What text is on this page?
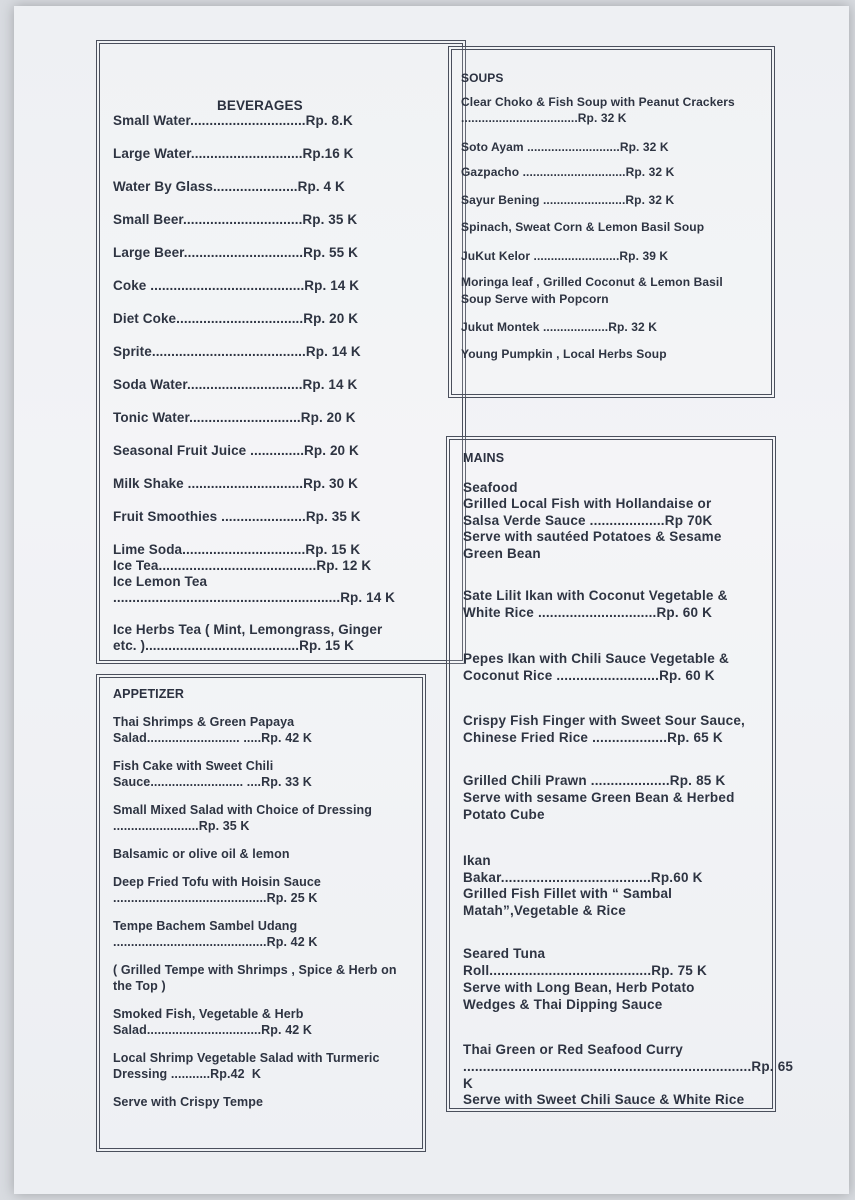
BEVERAGES
Small Water..............................Rp. 8.K
Large Water.............................Rp.16 K
Water By Glass......................Rp. 4 K
Small Beer...............................Rp. 35 K
Large Beer...............................Rp. 55 K
Coke ........................................Rp. 14 K
Diet Coke.................................Rp. 20 K
Sprite........................................Rp. 14 K
Soda Water..............................Rp. 14 K
Tonic Water.............................Rp. 20 K
Seasonal Fruit Juice ..............Rp. 20 K
Milk Shake ..............................Rp. 30 K
Fruit Smoothies ......................Rp. 35 K
Lime Soda................................Rp. 15 K
Ice Tea.........................................Rp. 12 K
Ice Lemon Tea
...........................................................Rp. 14 K
Ice Herbs Tea ( Mint, Lemongrass, Ginger
etc. )........................................Rp. 15 K
SOUPS
Clear Choko & Fish Soup with Peanut Crackers
..................................Rp. 32 K
Soto Ayam ...........................Rp. 32 K
Gazpacho ..............................Rp. 32 K
Sayur Bening ........................Rp. 32 K
Spinach, Sweat Corn & Lemon Basil Soup
JuKut Kelor .........................Rp. 39 K
Moringa leaf , Grilled Coconut & Lemon Basil
Soup Serve with Popcorn
Jukut Montek ...................Rp. 32 K
Young Pumpkin , Local Herbs Soup
APPETIZER
Thai Shrimps & Green Papaya
Salad.......................... .....Rp. 42 K
Fish Cake with Sweet Chili
Sauce.......................... ....Rp. 33 K
Small Mixed Salad with Choice of Dressing
........................Rp. 35 K
Balsamic or olive oil & lemon
Deep Fried Tofu with Hoisin Sauce
...........................................Rp. 25 K
Tempe Bachem Sambel Udang
...........................................Rp. 42 K
( Grilled Tempe with Shrimps , Spice & Herb on
the Top )
Smoked Fish, Vegetable & Herb
Salad................................Rp. 42 K
Local Shrimp Vegetable Salad with Turmeric
Dressing ...........Rp.42  K
Serve with Crispy Tempe
MAINS
Seafood
Grilled Local Fish with Hollandaise or
Salsa Verde Sauce ...................Rp 70K
Serve with sautéed Potatoes & Sesame
Green Bean
Sate Lilit Ikan with Coconut Vegetable &
White Rice ..............................Rp. 60 K
Pepes Ikan with Chili Sauce Vegetable &
Coconut Rice ..........................Rp. 60 K
Crispy Fish Finger with Sweet Sour Sauce,
Chinese Fried Rice ...................Rp. 65 K
Grilled Chili Prawn ....................Rp. 85 K
Serve with sesame Green Bean & Herbed
Potato Cube
Ikan
Bakar......................................Rp.60 K
Grilled Fish Fillet with “ Sambal
Matah”,Vegetable & Rice
Seared Tuna
Roll.........................................Rp. 75 K
Serve with Long Bean, Herb Potato
Wedges & Thai Dipping Sauce
Thai Green or Red Seafood Curry
.........................................................................Rp. 65
K
Serve with Sweet Chili Sauce & White Rice
